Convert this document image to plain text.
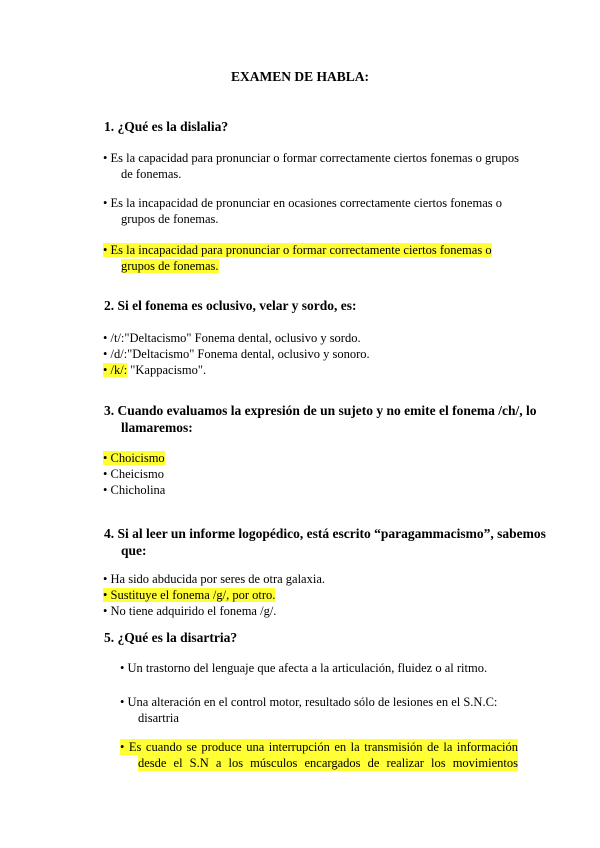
EXAMEN DE HABLA:
1. ¿Qué es la dislalia?
• Es la capacidad para pronunciar o formar correctamente ciertos fonemas o grupos
de fonemas.
• Es la incapacidad de pronunciar en ocasiones correctamente ciertos fonemas o
grupos de fonemas.
• Es la incapacidad para pronunciar o formar correctamente ciertos fonemas o
grupos de fonemas.
2. Si el fonema es oclusivo, velar y sordo, es:
• /t/:"Deltacismo" Fonema dental, oclusivo y sordo.
• /d/:"Deltacismo" Fonema dental, oclusivo y sonoro.
• /k/: "Kappacismo".
3. Cuando evaluamos la expresión de un sujeto y no emite el fonema /ch/, lo
llamaremos:
• Choicismo
• Cheicismo
• Chicholina
4. Si al leer un informe logopédico, está escrito “paragammacismo”, sabemos
que:
• Ha sido abducida por seres de otra galaxia.
• Sustituye el fonema /g/, por otro.
• No tiene adquirido el fonema /g/.
5. ¿Qué es la disartria?
• Un trastorno del lenguaje que afecta a la articulación, fluidez o al ritmo.
• Una alteración en el control motor, resultado sólo de lesiones en el S.N.C:
disartria
• Es cuando se produce una interrupción en la transmisión de la información
desde el S.N a los músculos encargados de realizar los movimientos
